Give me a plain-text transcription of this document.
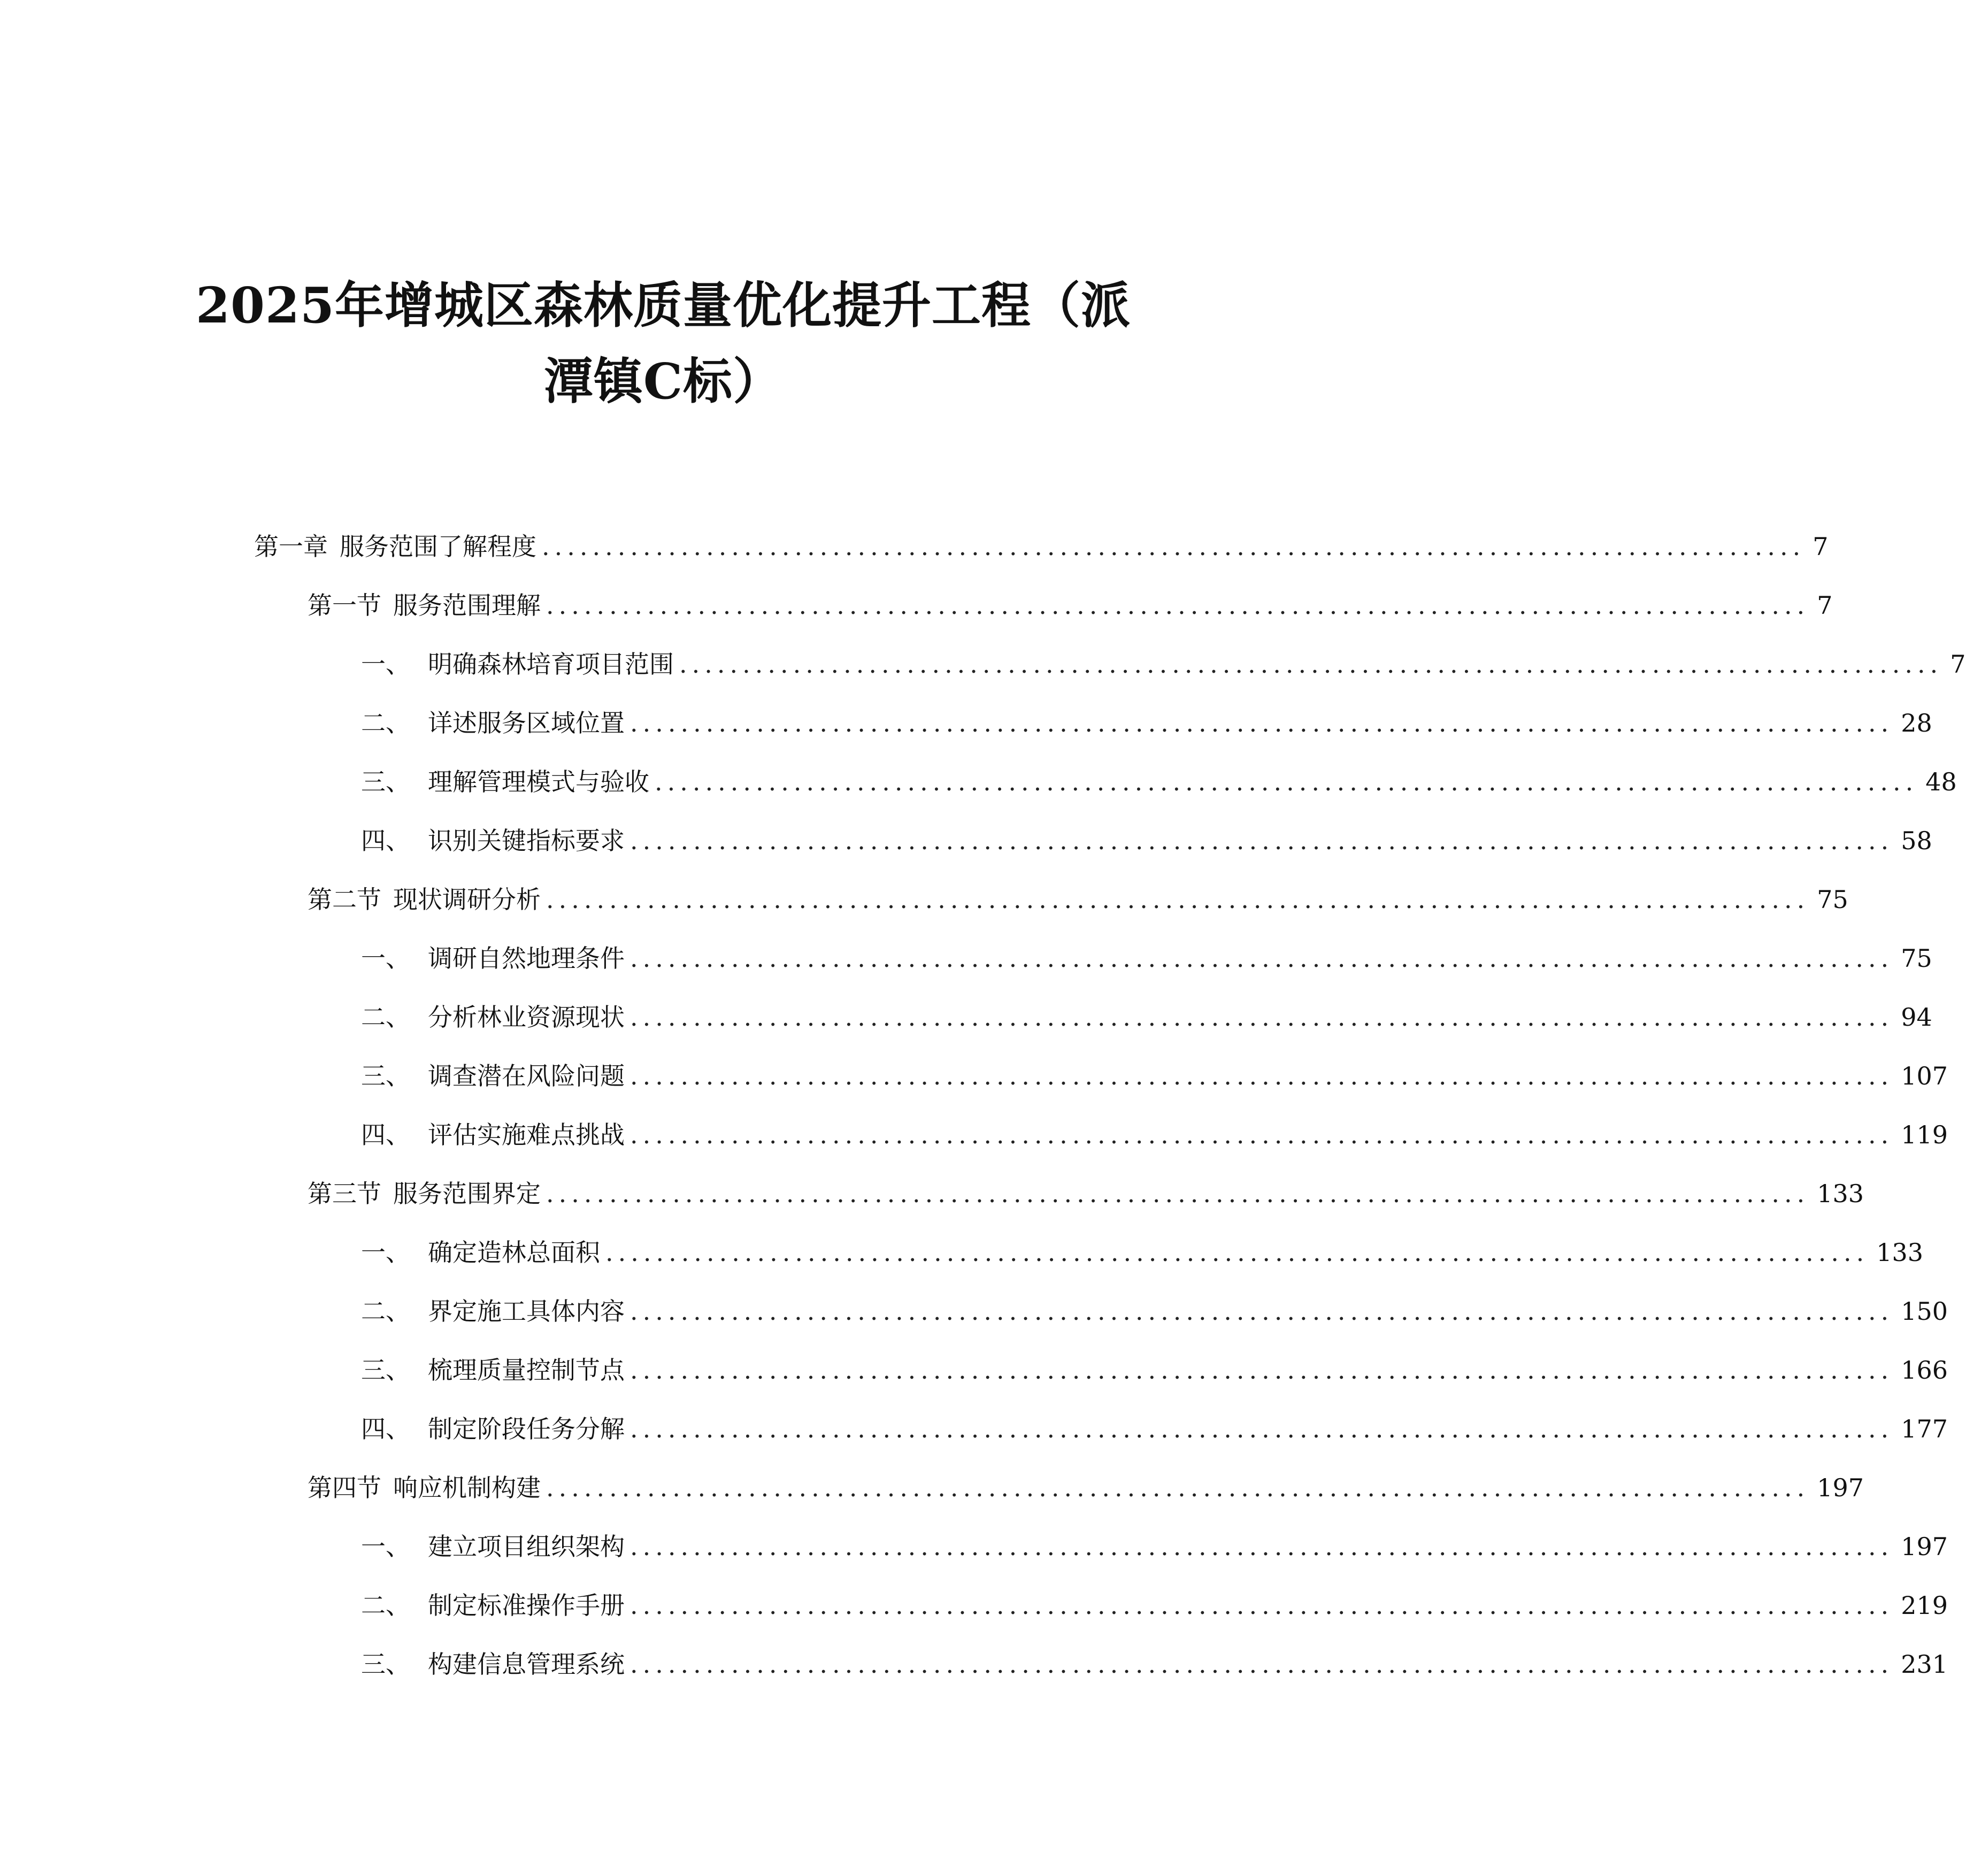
2025年增城区森林质量优化提升工程（派
潭镇C标）
第一章 服务范围了解程度 .................................................................................................... 7
第一节 服务范围理解 .................................................................................................... 7
一、 明确森林培育项目范围 .................................................................................................... 7
二、 详述服务区域位置 .................................................................................................... 28
三、 理解管理模式与验收 .................................................................................................... 48
四、 识别关键指标要求 .................................................................................................... 58
第二节 现状调研分析 .................................................................................................... 75
一、 调研自然地理条件 .................................................................................................... 75
二、 分析林业资源现状 .................................................................................................... 94
三、 调查潜在风险问题 .................................................................................................... 107
四、 评估实施难点挑战 .................................................................................................... 119
第三节 服务范围界定 .................................................................................................... 133
一、 确定造林总面积 .................................................................................................... 133
二、 界定施工具体内容 .................................................................................................... 150
三、 梳理质量控制节点 .................................................................................................... 166
四、 制定阶段任务分解 .................................................................................................... 177
第四节 响应机制构建 .................................................................................................... 197
一、 建立项目组织架构 .................................................................................................... 197
二、 制定标准操作手册 .................................................................................................... 219
三、 构建信息管理系统 .................................................................................................... 231
